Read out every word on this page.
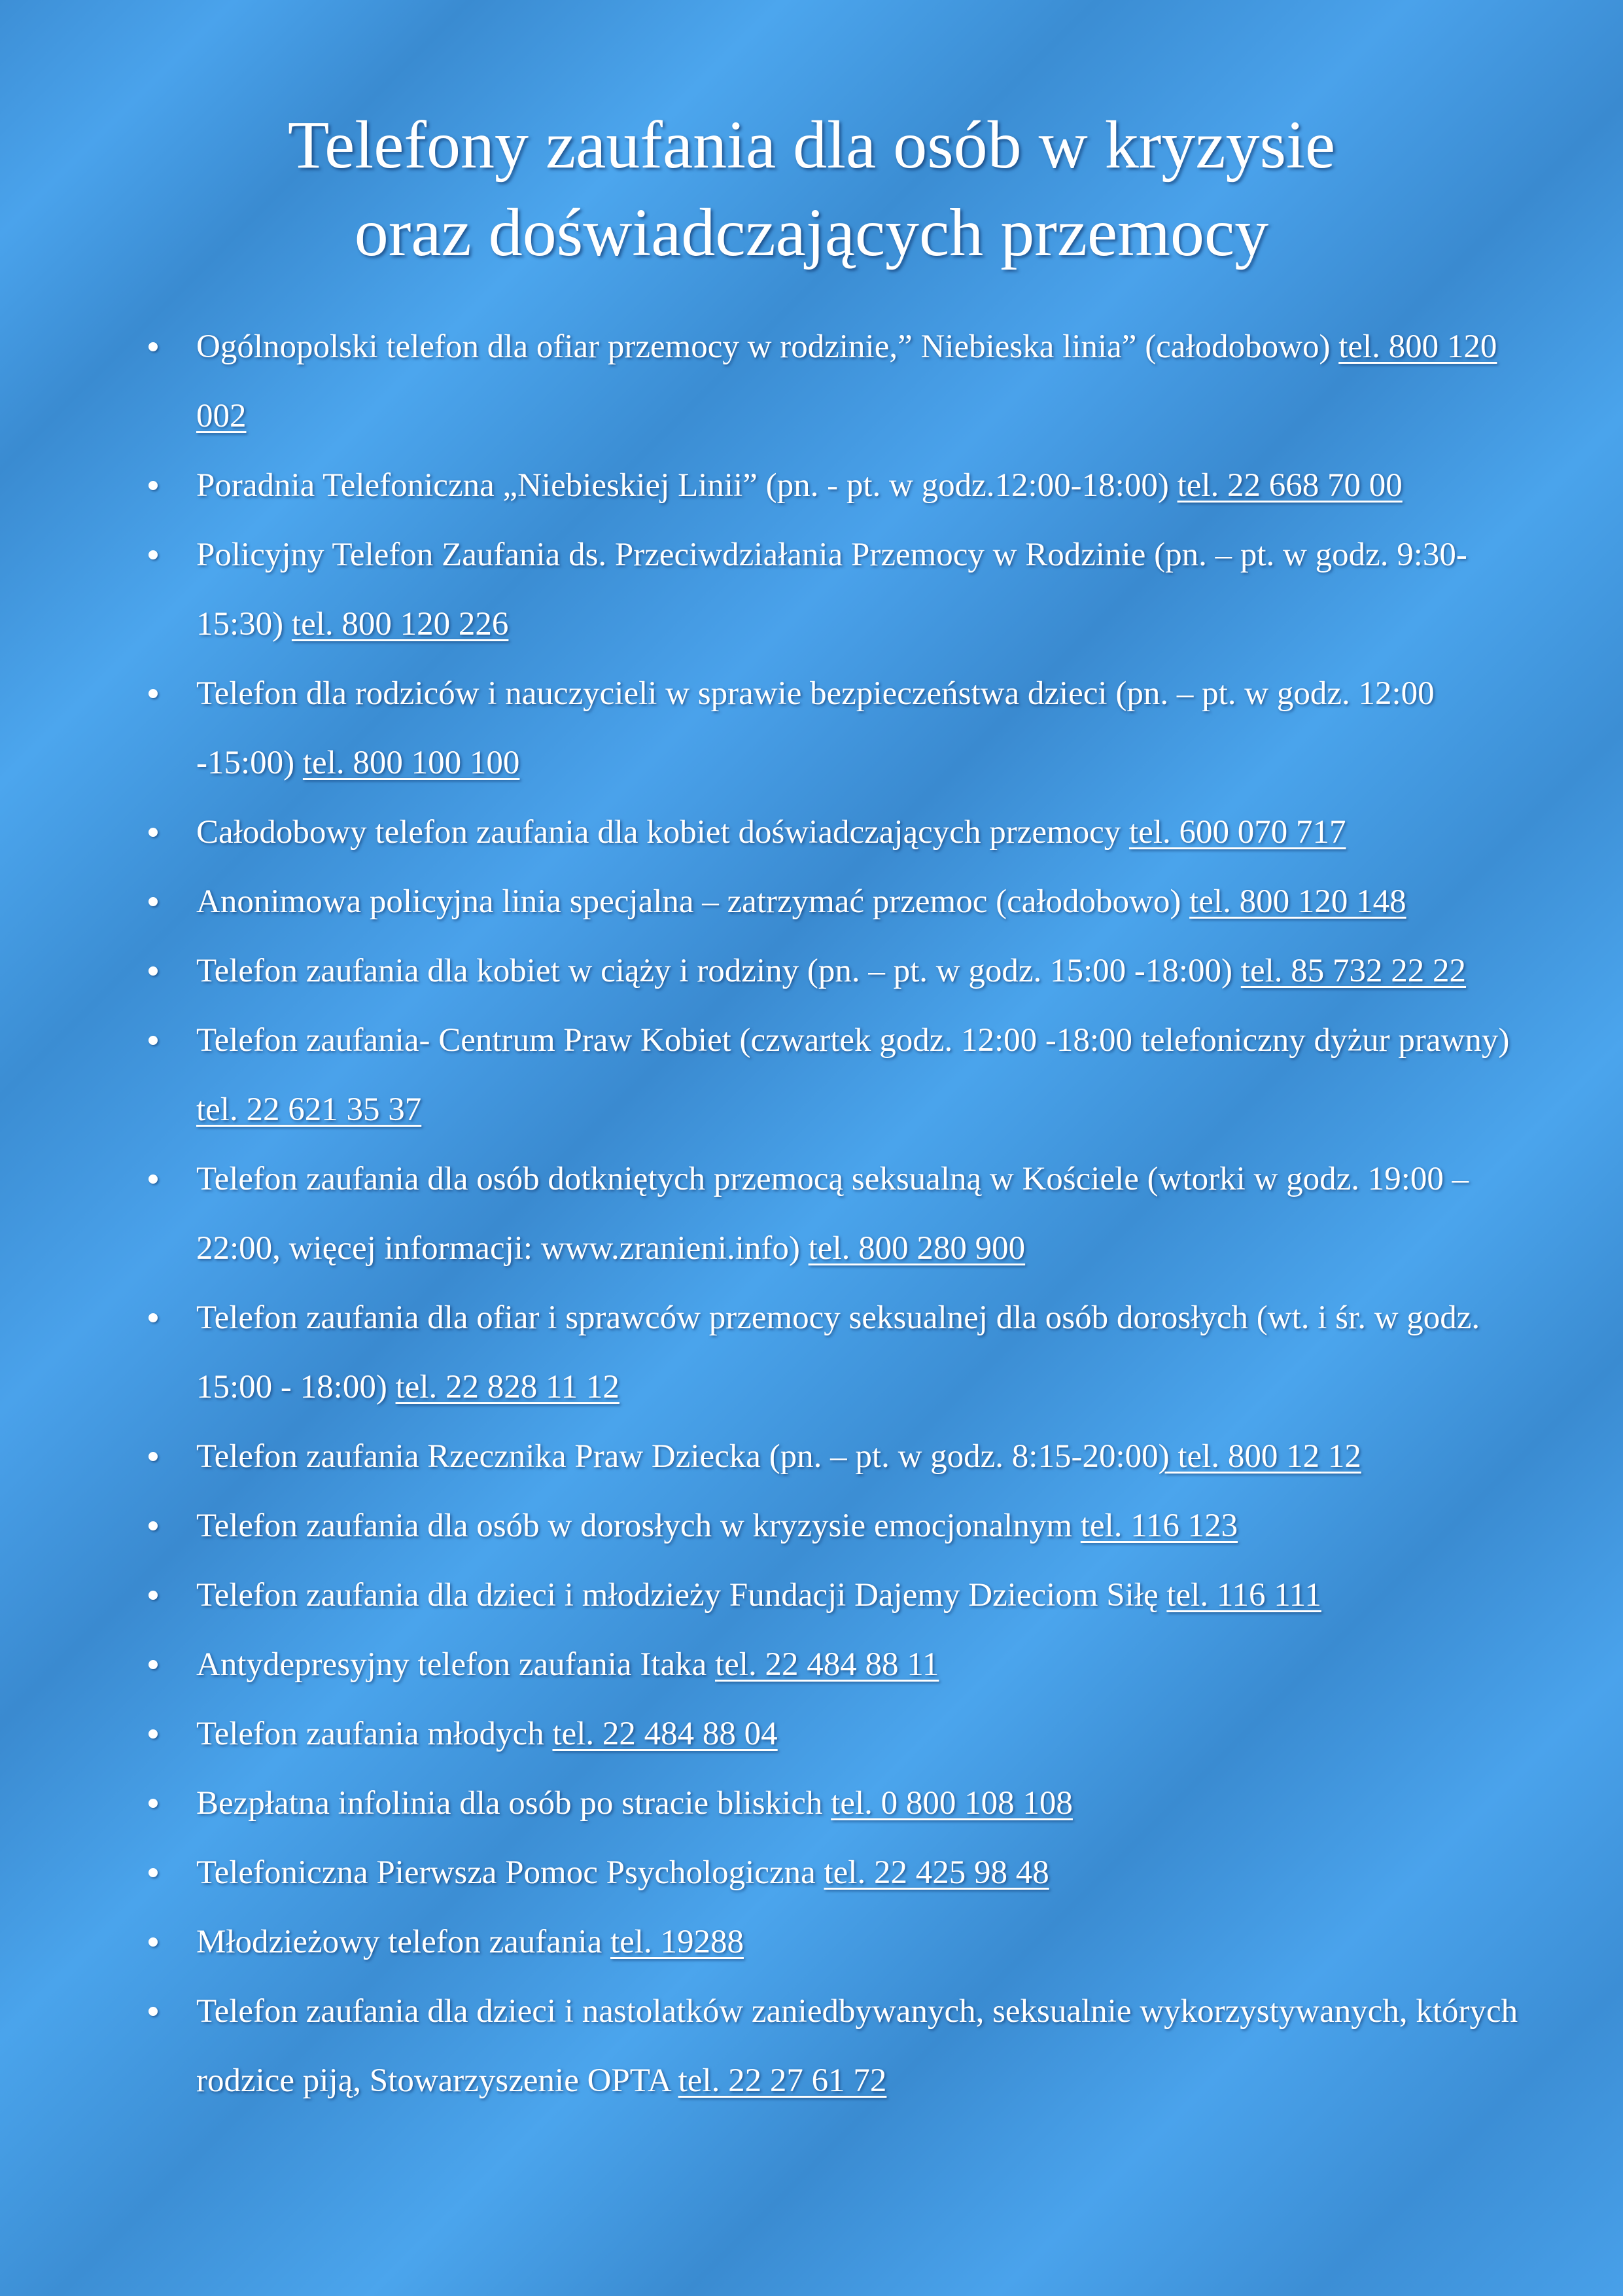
Telefony zaufania dla osób w kryzysie
oraz doświadczających przemocy
Ogólnopolski telefon dla ofiar przemocy w rodzinie,” Niebieska linia” (całodobowo) tel. 800 120 002
Poradnia Telefoniczna „Niebieskiej Linii” (pn. - pt. w godz.12:00-18:00) tel. 22 668 70 00
Policyjny Telefon Zaufania ds. Przeciwdziałania Przemocy w Rodzinie (pn. – pt. w godz. 9:30-15:30) tel. 800 120 226
Telefon dla rodziców i nauczycieli w sprawie bezpieczeństwa dzieci (pn. – pt. w godz. 12:00 -15:00) tel. 800 100 100
Całodobowy telefon zaufania dla kobiet doświadczających przemocy tel. 600 070 717
Anonimowa policyjna linia specjalna – zatrzymać przemoc (całodobowo) tel. 800 120 148
Telefon zaufania dla kobiet w ciąży i rodziny (pn. – pt. w godz. 15:00 -18:00) tel. 85 732 22 22
Telefon zaufania- Centrum Praw Kobiet (czwartek godz. 12:00 -18:00 telefoniczny dyżur prawny) tel. 22 621 35 37
Telefon zaufania dla osób dotkniętych przemocą seksualną w Kościele (wtorki w godz. 19:00 – 22:00, więcej informacji: www.zranieni.info) tel. 800 280 900
Telefon zaufania dla ofiar i sprawców przemocy seksualnej dla osób dorosłych (wt. i śr. w godz. 15:00 - 18:00) tel. 22 828 11 12
Telefon zaufania Rzecznika Praw Dziecka (pn. – pt. w godz. 8:15-20:00) tel. 800 12 12
Telefon zaufania dla osób w dorosłych w kryzysie emocjonalnym tel. 116 123
Telefon zaufania dla dzieci i młodzieży Fundacji Dajemy Dzieciom Siłę tel. 116 111
Antydepresyjny telefon zaufania Itaka tel. 22 484 88 11
Telefon zaufania młodych tel. 22 484 88 04
Bezpłatna infolinia dla osób po stracie bliskich tel. 0 800 108 108
Telefoniczna Pierwsza Pomoc Psychologiczna tel. 22 425 98 48
Młodzieżowy telefon zaufania tel. 19288
Telefon zaufania dla dzieci i nastolatków zaniedbywanych, seksualnie wykorzystywanych, których rodzice piją, Stowarzyszenie OPTA tel. 22 27 61 72
